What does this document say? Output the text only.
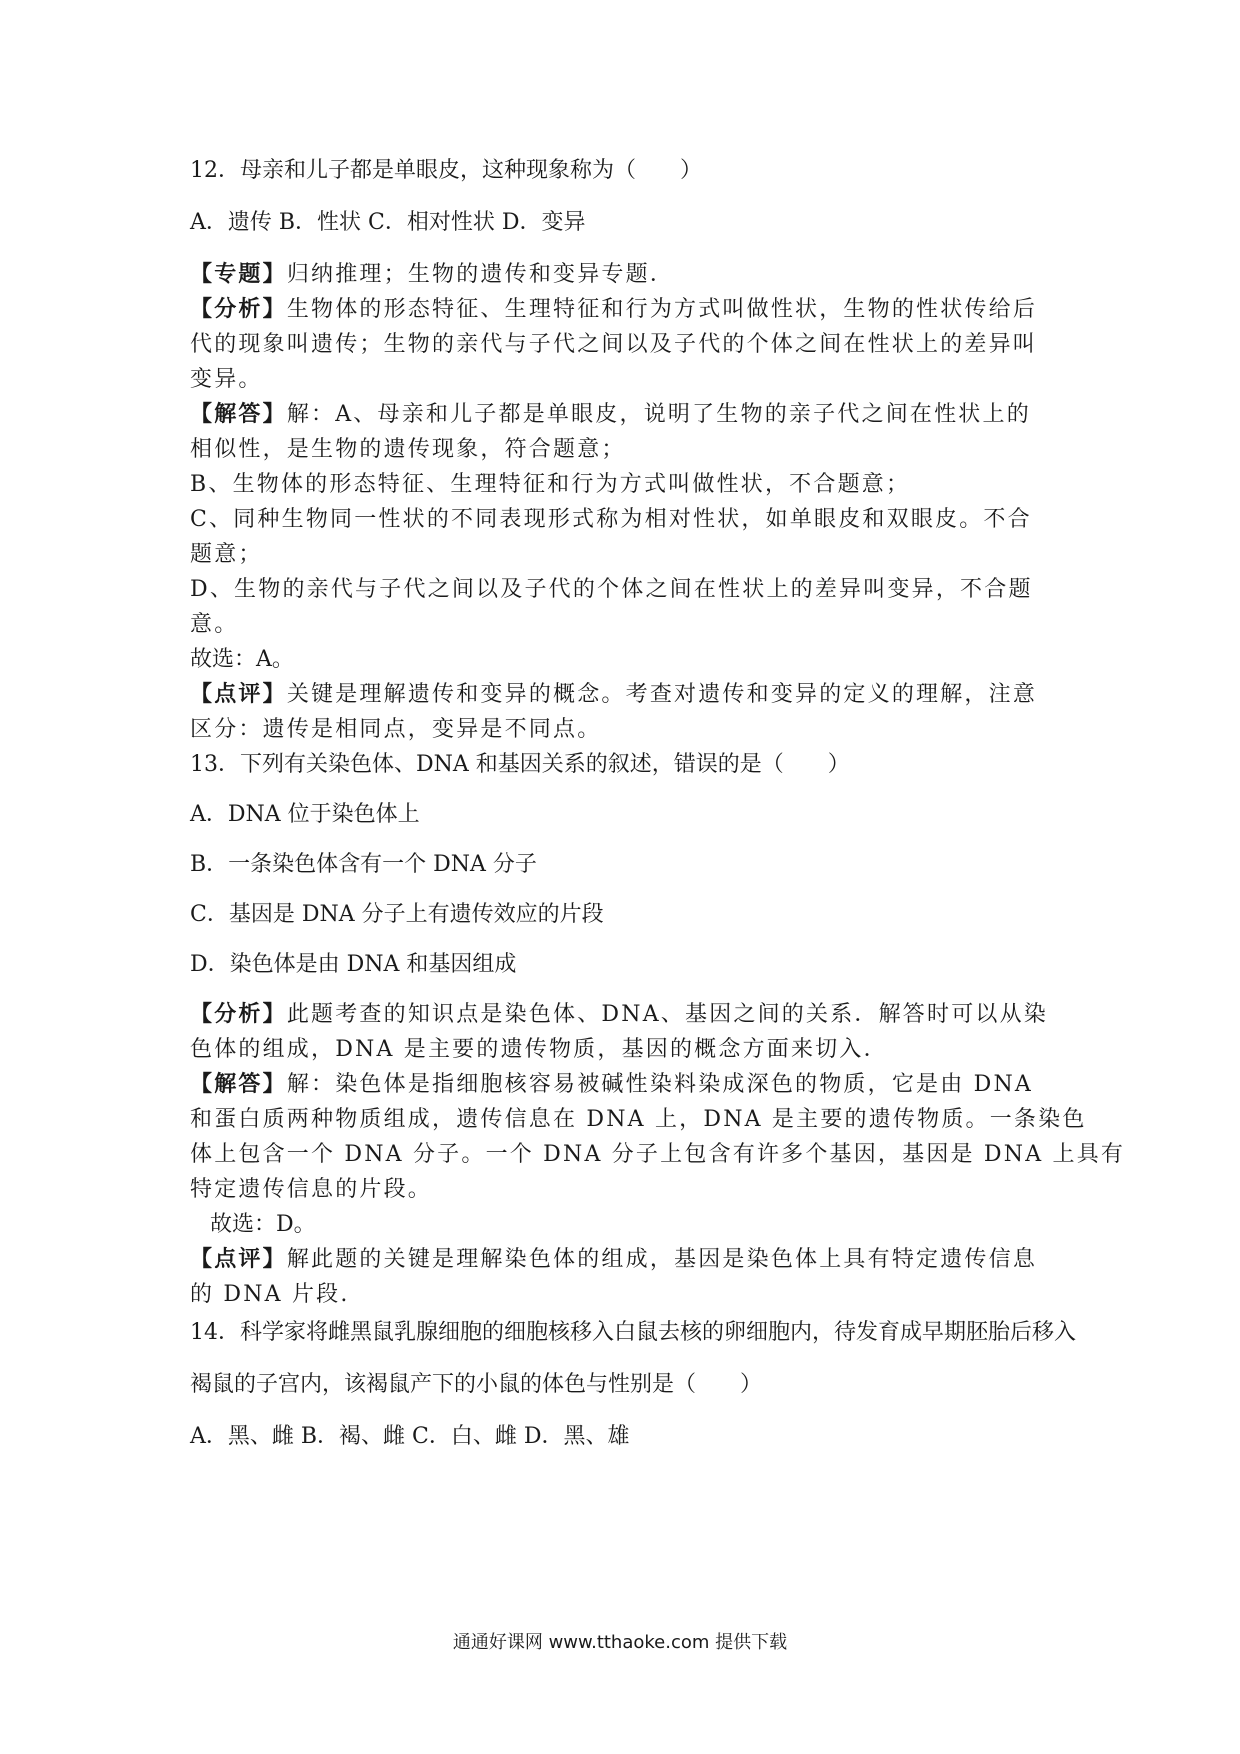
12．母亲和儿子都是单眼皮，这种现象称为（　　）
A．遗传 B．性状 C．相对性状 D．变异
【专题】归纳推理；生物的遗传和变异专题．
【分析】生物体的形态特征、生理特征和行为方式叫做性状，生物的性状传给后
代的现象叫遗传；生物的亲代与子代之间以及子代的个体之间在性状上的差异叫
变异。
【解答】解：A、母亲和儿子都是单眼皮，说明了生物的亲子代之间在性状上的
相似性，是生物的遗传现象，符合题意；
B、生物体的形态特征、生理特征和行为方式叫做性状，不合题意；
C、同种生物同一性状的不同表现形式称为相对性状，如单眼皮和双眼皮。不合
题意；
D、生物的亲代与子代之间以及子代的个体之间在性状上的差异叫变异，不合题
意。
故选：A。
【点评】关键是理解遗传和变异的概念。考查对遗传和变异的定义的理解，注意
区分：遗传是相同点，变异是不同点。
13．下列有关染色体、DNA 和基因关系的叙述，错误的是（　　）
A．DNA 位于染色体上
B．一条染色体含有一个 DNA 分子
C．基因是 DNA 分子上有遗传效应的片段
D．染色体是由 DNA 和基因组成
【分析】此题考查的知识点是染色体、DNA、基因之间的关系．解答时可以从染
色体的组成，DNA 是主要的遗传物质，基因的概念方面来切入．
【解答】解：染色体是指细胞核容易被碱性染料染成深色的物质，它是由 DNA
和蛋白质两种物质组成，遗传信息在 DNA 上，DNA 是主要的遗传物质。一条染色
体上包含一个 DNA 分子。一个 DNA 分子上包含有许多个基因，基因是 DNA 上具有
特定遗传信息的片段。
故选：D。
【点评】解此题的关键是理解染色体的组成，基因是染色体上具有特定遗传信息
的 DNA 片段.
14．科学家将雌黑鼠乳腺细胞的细胞核移入白鼠去核的卵细胞内，待发育成早期胚胎后移入
褐鼠的子宫内，该褐鼠产下的小鼠的体色与性别是（　　）
A．黑、雌 B．褐、雌 C．白、雌 D．黑、雄
通通好课网 www.tthaoke.com 提供下载
